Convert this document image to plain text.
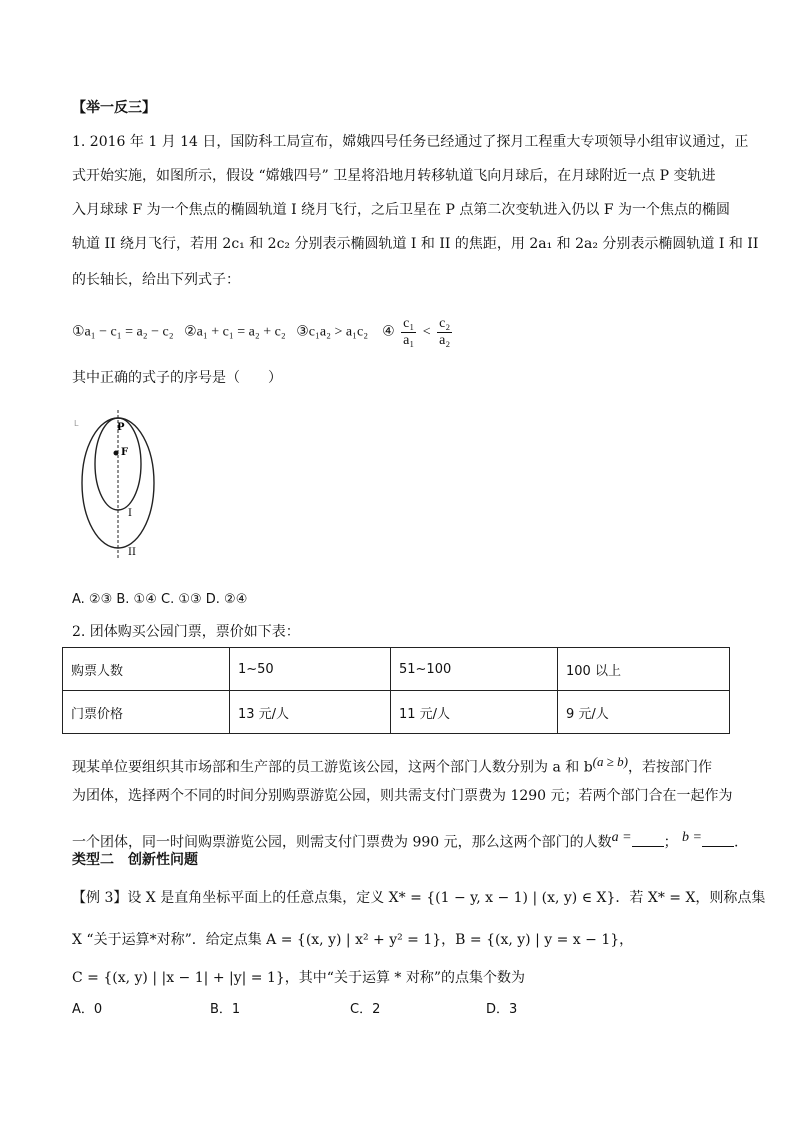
【举一反三】
1. 2016 年 1 月 14 日，国防科工局宣布，嫦娥四号任务已经通过了探月工程重大专项领导小组审议通过，正
式开始实施，如图所示，假设 “嫦娥四号” 卫星将沿地月转移轨道飞向月球后，在月球附近一点 P 变轨进
入月球球 F 为一个焦点的椭圆轨道 I 绕月飞行，之后卫星在 P 点第二次变轨进入仍以 F 为一个焦点的椭圆
轨道 II 绕月飞行，若用 2c₁ 和 2c₂ 分别表示椭圆轨道 I 和 II 的焦距，用 2a₁ 和 2a₂ 分别表示椭圆轨道 I 和 II
的长轴长，给出下列式子：
①a₁ − c₁ = a₂ − c₂ ②a₁ + c₁ = a₂ + c₂ ③c₁a₂ > a₁c₂ ④ $\frac{\text{c₁}}{\text{a₁}} < \frac{\text{c₂}}{\text{a₂}}$
其中正确的式子的序号是（　　）
L	P
F
I
II
A. ②③ B. ①④ C. ①③ D. ②④
2. 团体购买公园门票，票价如下表：
购票人数	1~50	51~100	100 以上
门票价格	13 元/人	11 元/人	9 元/人
现某单位要组织其市场部和生产部的员工游览该公园，这两个部门人数分别为 a 和 b(a ≥ b)，若按部门作
为团体，选择两个不同的时间分别购票游览公园，则共需支付门票费为 1290 元；若两个部门合在一起作为
一个团体，同一时间购票游览公园，则需支付门票费为 990 元，那么这两个部门的人数a = ； b = .
类型二　创新性问题
【例 3】设 X 是直角坐标平面上的任意点集，定义 X* = {(1 − y, x − 1) | (x, y) ∈ X}．若 X* = X，则称点集
X “关于运算*对称”．给定点集 A = {(x, y) | x² + y² = 1}，B = {(x, y) | y = x − 1}，
C = {(x, y) | |x − 1| + |y| = 1}，其中“关于运算 * 对称”的点集个数为
A．0	B．1	C．2	D．3
